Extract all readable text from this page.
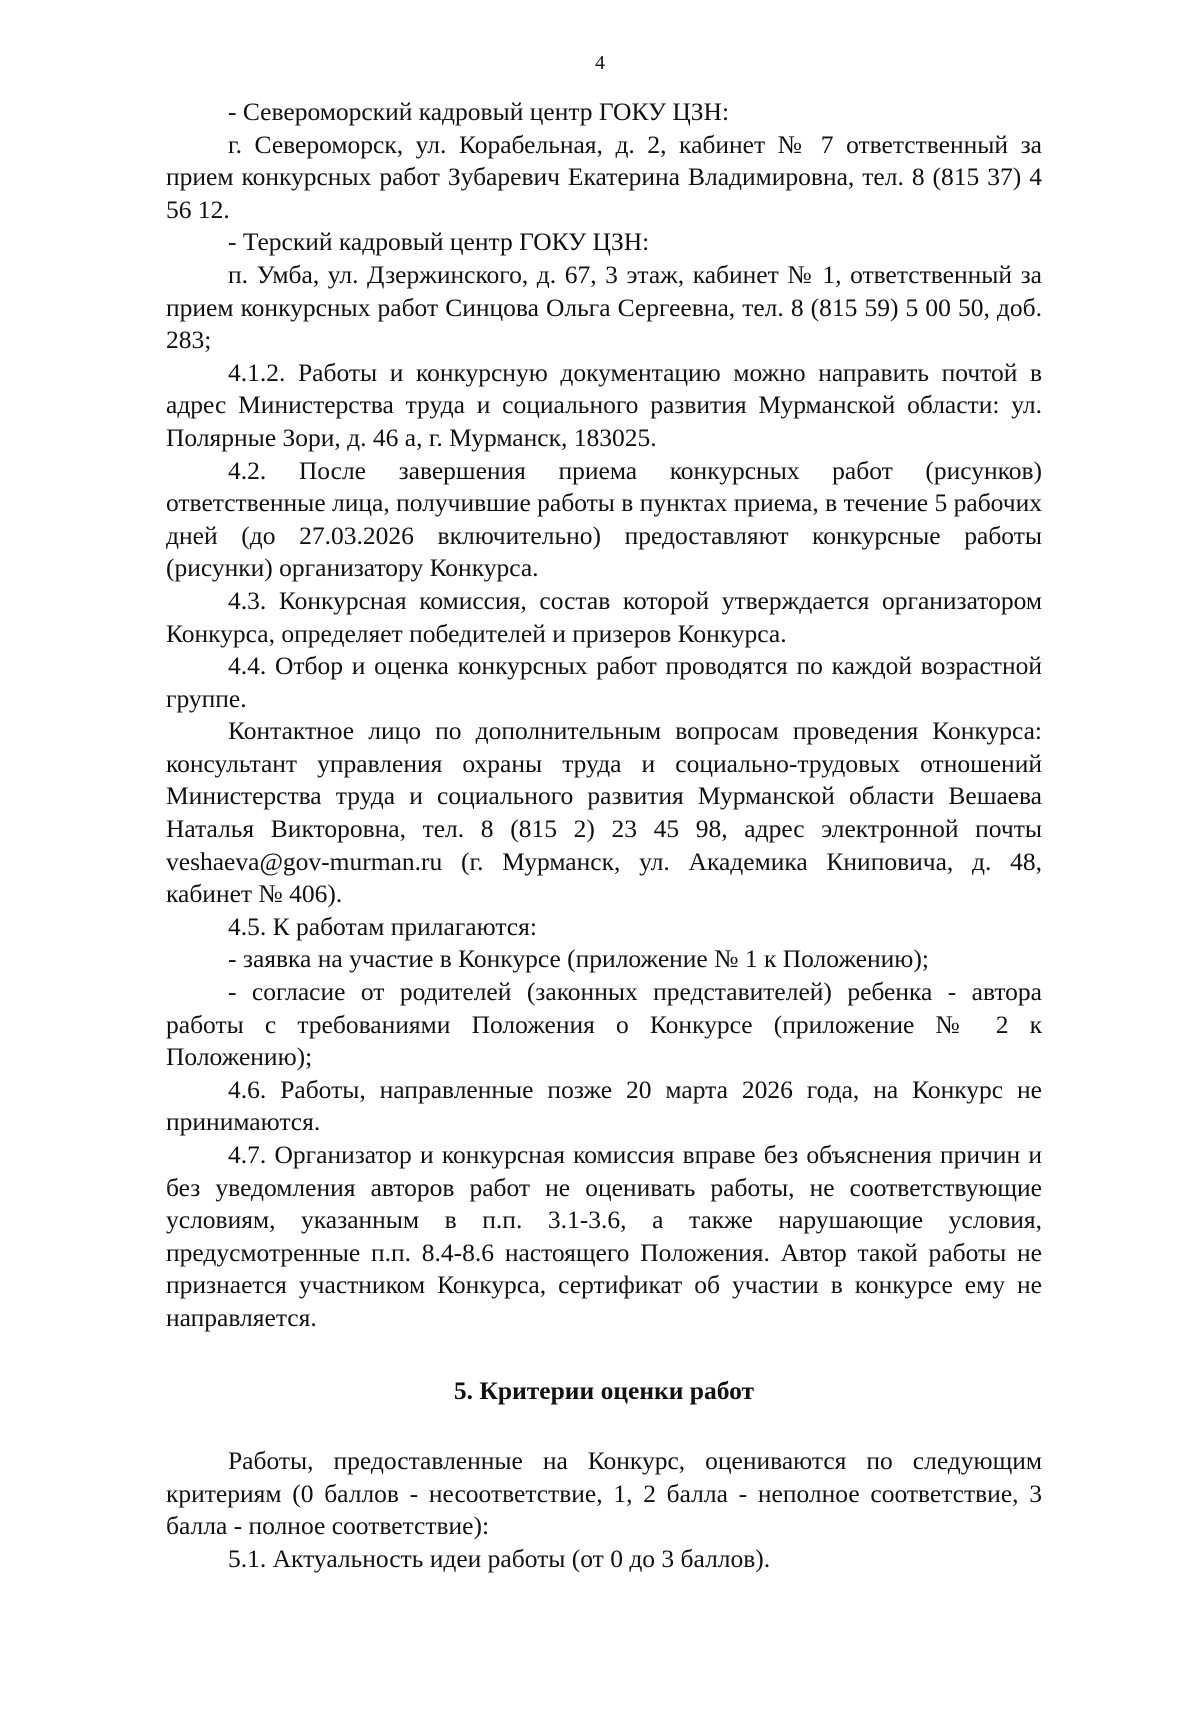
4

- Североморский кадровый центр ГОКУ ЦЗН:

г. Североморск, ул. Корабельная, д. 2, кабинет № 7 ответственный за прием конкурсных работ Зубаревич Екатерина Владимировна, тел. 8 (815 37) 4 56 12.

- Терский кадровый центр ГОКУ ЦЗН:

п. Умба, ул. Дзержинского, д. 67, 3 этаж, кабинет № 1, ответственный за прием конкурсных работ Синцова Ольга Сергеевна, тел. 8 (815 59) 5 00 50, доб. 283;

4.1.2. Работы и конкурсную документацию можно направить почтой в адрес Министерства труда и социального развития Мурманской области: ул. Полярные Зори, д. 46 а, г. Мурманск, 183025.

4.2. После завершения приема конкурсных работ (рисунков) ответственные лица, получившие работы в пунктах приема, в течение 5 рабочих дней (до 27.03.2026 включительно) предоставляют конкурсные работы (рисунки) организатору Конкурса.

4.3. Конкурсная комиссия, состав которой утверждается организатором Конкурса, определяет победителей и призеров Конкурса.

4.4. Отбор и оценка конкурсных работ проводятся по каждой возрастной группе.

Контактное лицо по дополнительным вопросам проведения Конкурса: консультант управления охраны труда и социально-трудовых отношений Министерства труда и социального развития Мурманской области Вешаева Наталья Викторовна, тел. 8 (815 2) 23 45 98, адрес электронной почты veshaeva@gov-murman.ru (г. Мурманск, ул. Академика Книповича, д. 48, кабинет № 406).

4.5. К работам прилагаются:

- заявка на участие в Конкурсе (приложение № 1 к Положению);

- согласие от родителей (законных представителей) ребенка - автора работы с требованиями Положения о Конкурсе (приложение № 2 к Положению);

4.6. Работы, направленные позже 20 марта 2026 года, на Конкурс не принимаются.

4.7. Организатор и конкурсная комиссия вправе без объяснения причин и без уведомления авторов работ не оценивать работы, не соответствующие условиям, указанным в п.п. 3.1-3.6, а также нарушающие условия, предусмотренные п.п. 8.4-8.6 настоящего Положения. Автор такой работы не признается участником Конкурса, сертификат об участии в конкурсе ему не направляется.

5. Критерии оценки работ

Работы, предоставленные на Конкурс, оцениваются по следующим критериям (0 баллов - несоответствие, 1, 2 балла - неполное соответствие, 3 балла - полное соответствие):

5.1. Актуальность идеи работы (от 0 до 3 баллов).
